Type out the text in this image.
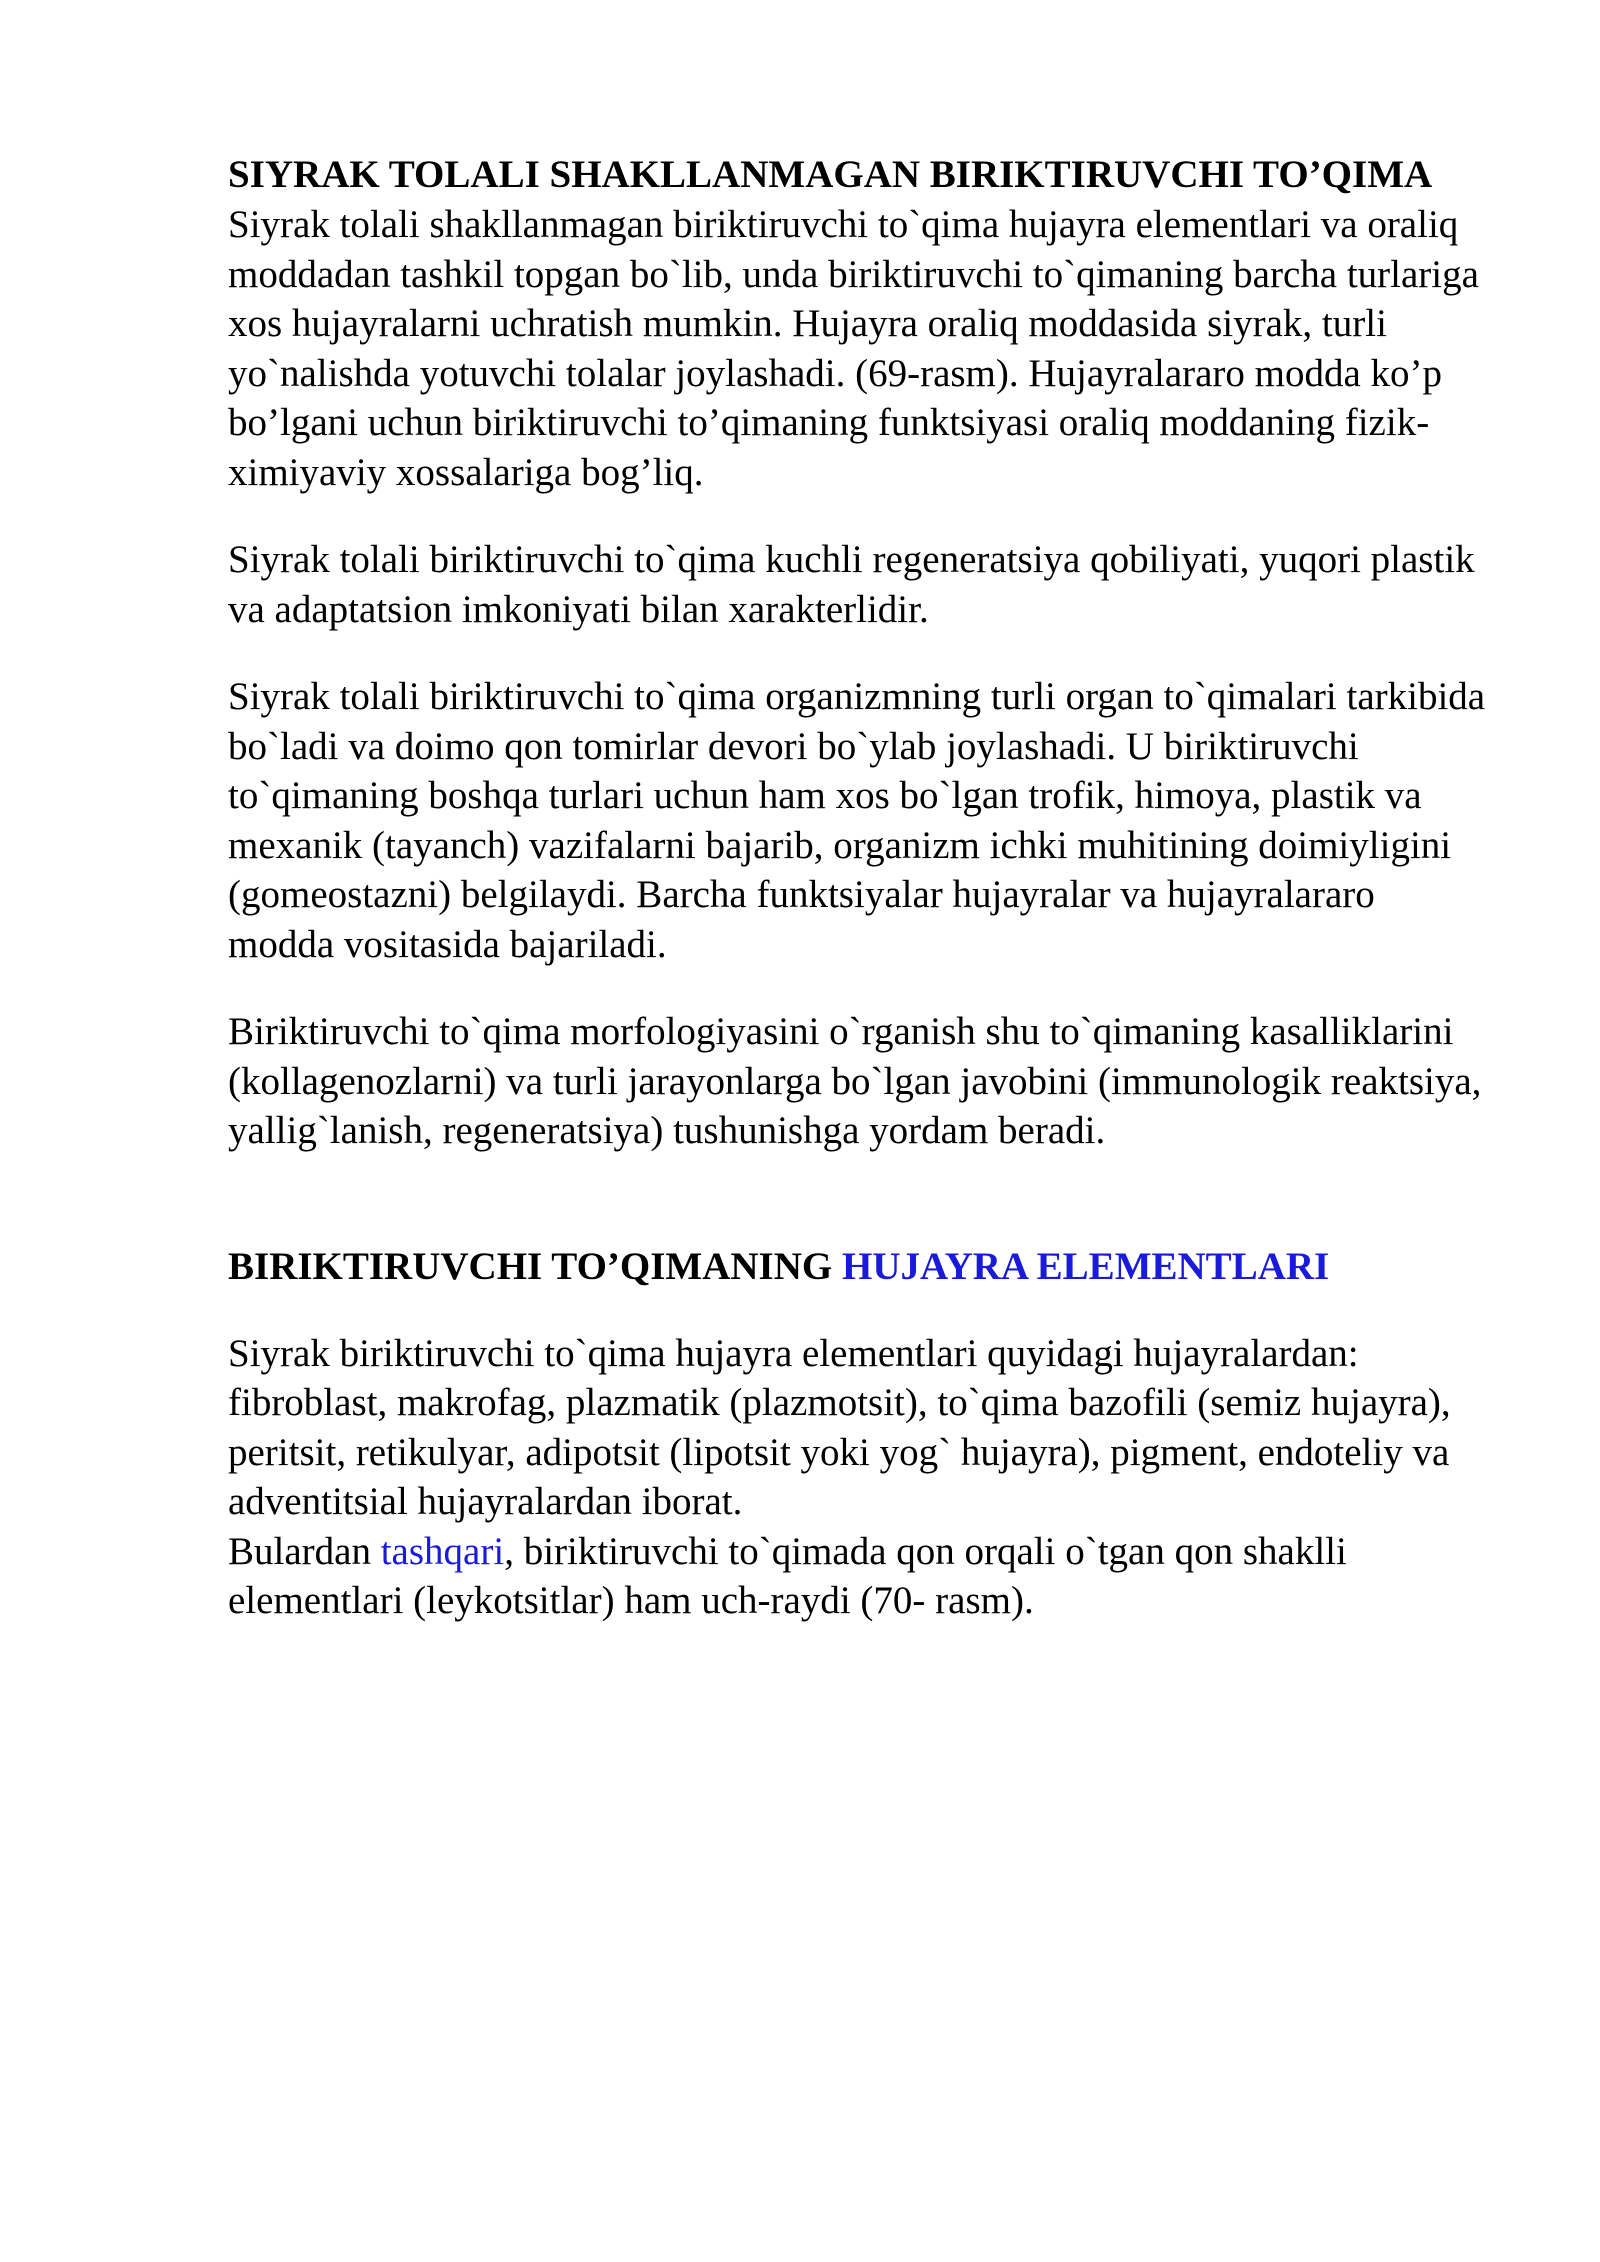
SIYRAK TOLALI SHAKLLANMAGAN BIRIKTIRUVCHI TO’QIMA

Siyrak tolali shakllanmagan biriktiruvchi to`qima hujayra elementlari va oraliq moddadan tashkil topgan bo`lib, unda biriktiruvchi to`qimaning barcha turlariga xos hujayralarni uchratish mumkin. Hujayra oraliq moddasida siyrak, turli yo`nalishda yotuvchi tolalar joylashadi. (69-rasm). Hujayralararo modda ko’p bo’lgani uchun biriktiruvchi to’qimaning funktsiyasi oraliq moddaning fizik-ximiyaviy xossalariga bog’liq.

Siyrak tolali biriktiruvchi to`qima kuchli regeneratsiya qobiliyati, yuqori plastik va adaptatsion imkoniyati bilan xarakterlidir.

Siyrak tolali biriktiruvchi to`qima organizmning turli organ to`qimalari tarkibida bo`ladi va doimo qon tomirlar devori bo`ylab joylashadi. U biriktiruvchi to`qimaning boshqa turlari uchun ham xos bo`lgan trofik, himoya, plastik va mexanik (tayanch) vazifalarni bajarib, organizm ichki muhitining doimiyligini (gomeostazni) belgilaydi. Barcha funktsiyalar hujayralar va hujayralararo modda vositasida bajariladi.

Biriktiruvchi to`qima morfologiyasini o`rganish shu to`qimaning kasalliklarini (kollagenozlarni) va turli jarayonlarga bo`lgan javobini (immunologik reaktsiya, yallig`lanish, regeneratsiya) tushunishga yordam beradi.

BIRIKTIRUVCHI TO’QIMANING HUJAYRA ELEMENTLARI

Siyrak biriktiruvchi to`qima hujayra elementlari quyidagi hujayralardan: fibroblast, makrofag, plazmatik (plazmotsit), to`qima bazofili (semiz hujayra), peritsit, retikulyar, adipotsit (lipotsit yoki yog` hujayra), pigment, endoteliy va adventitsial hujayralardan iborat.

Bulardan tashqari, biriktiruvchi to`qimada qon orqali o`tgan qon shaklli elementlari (leykotsitlar) ham uch-raydi (70- rasm).
